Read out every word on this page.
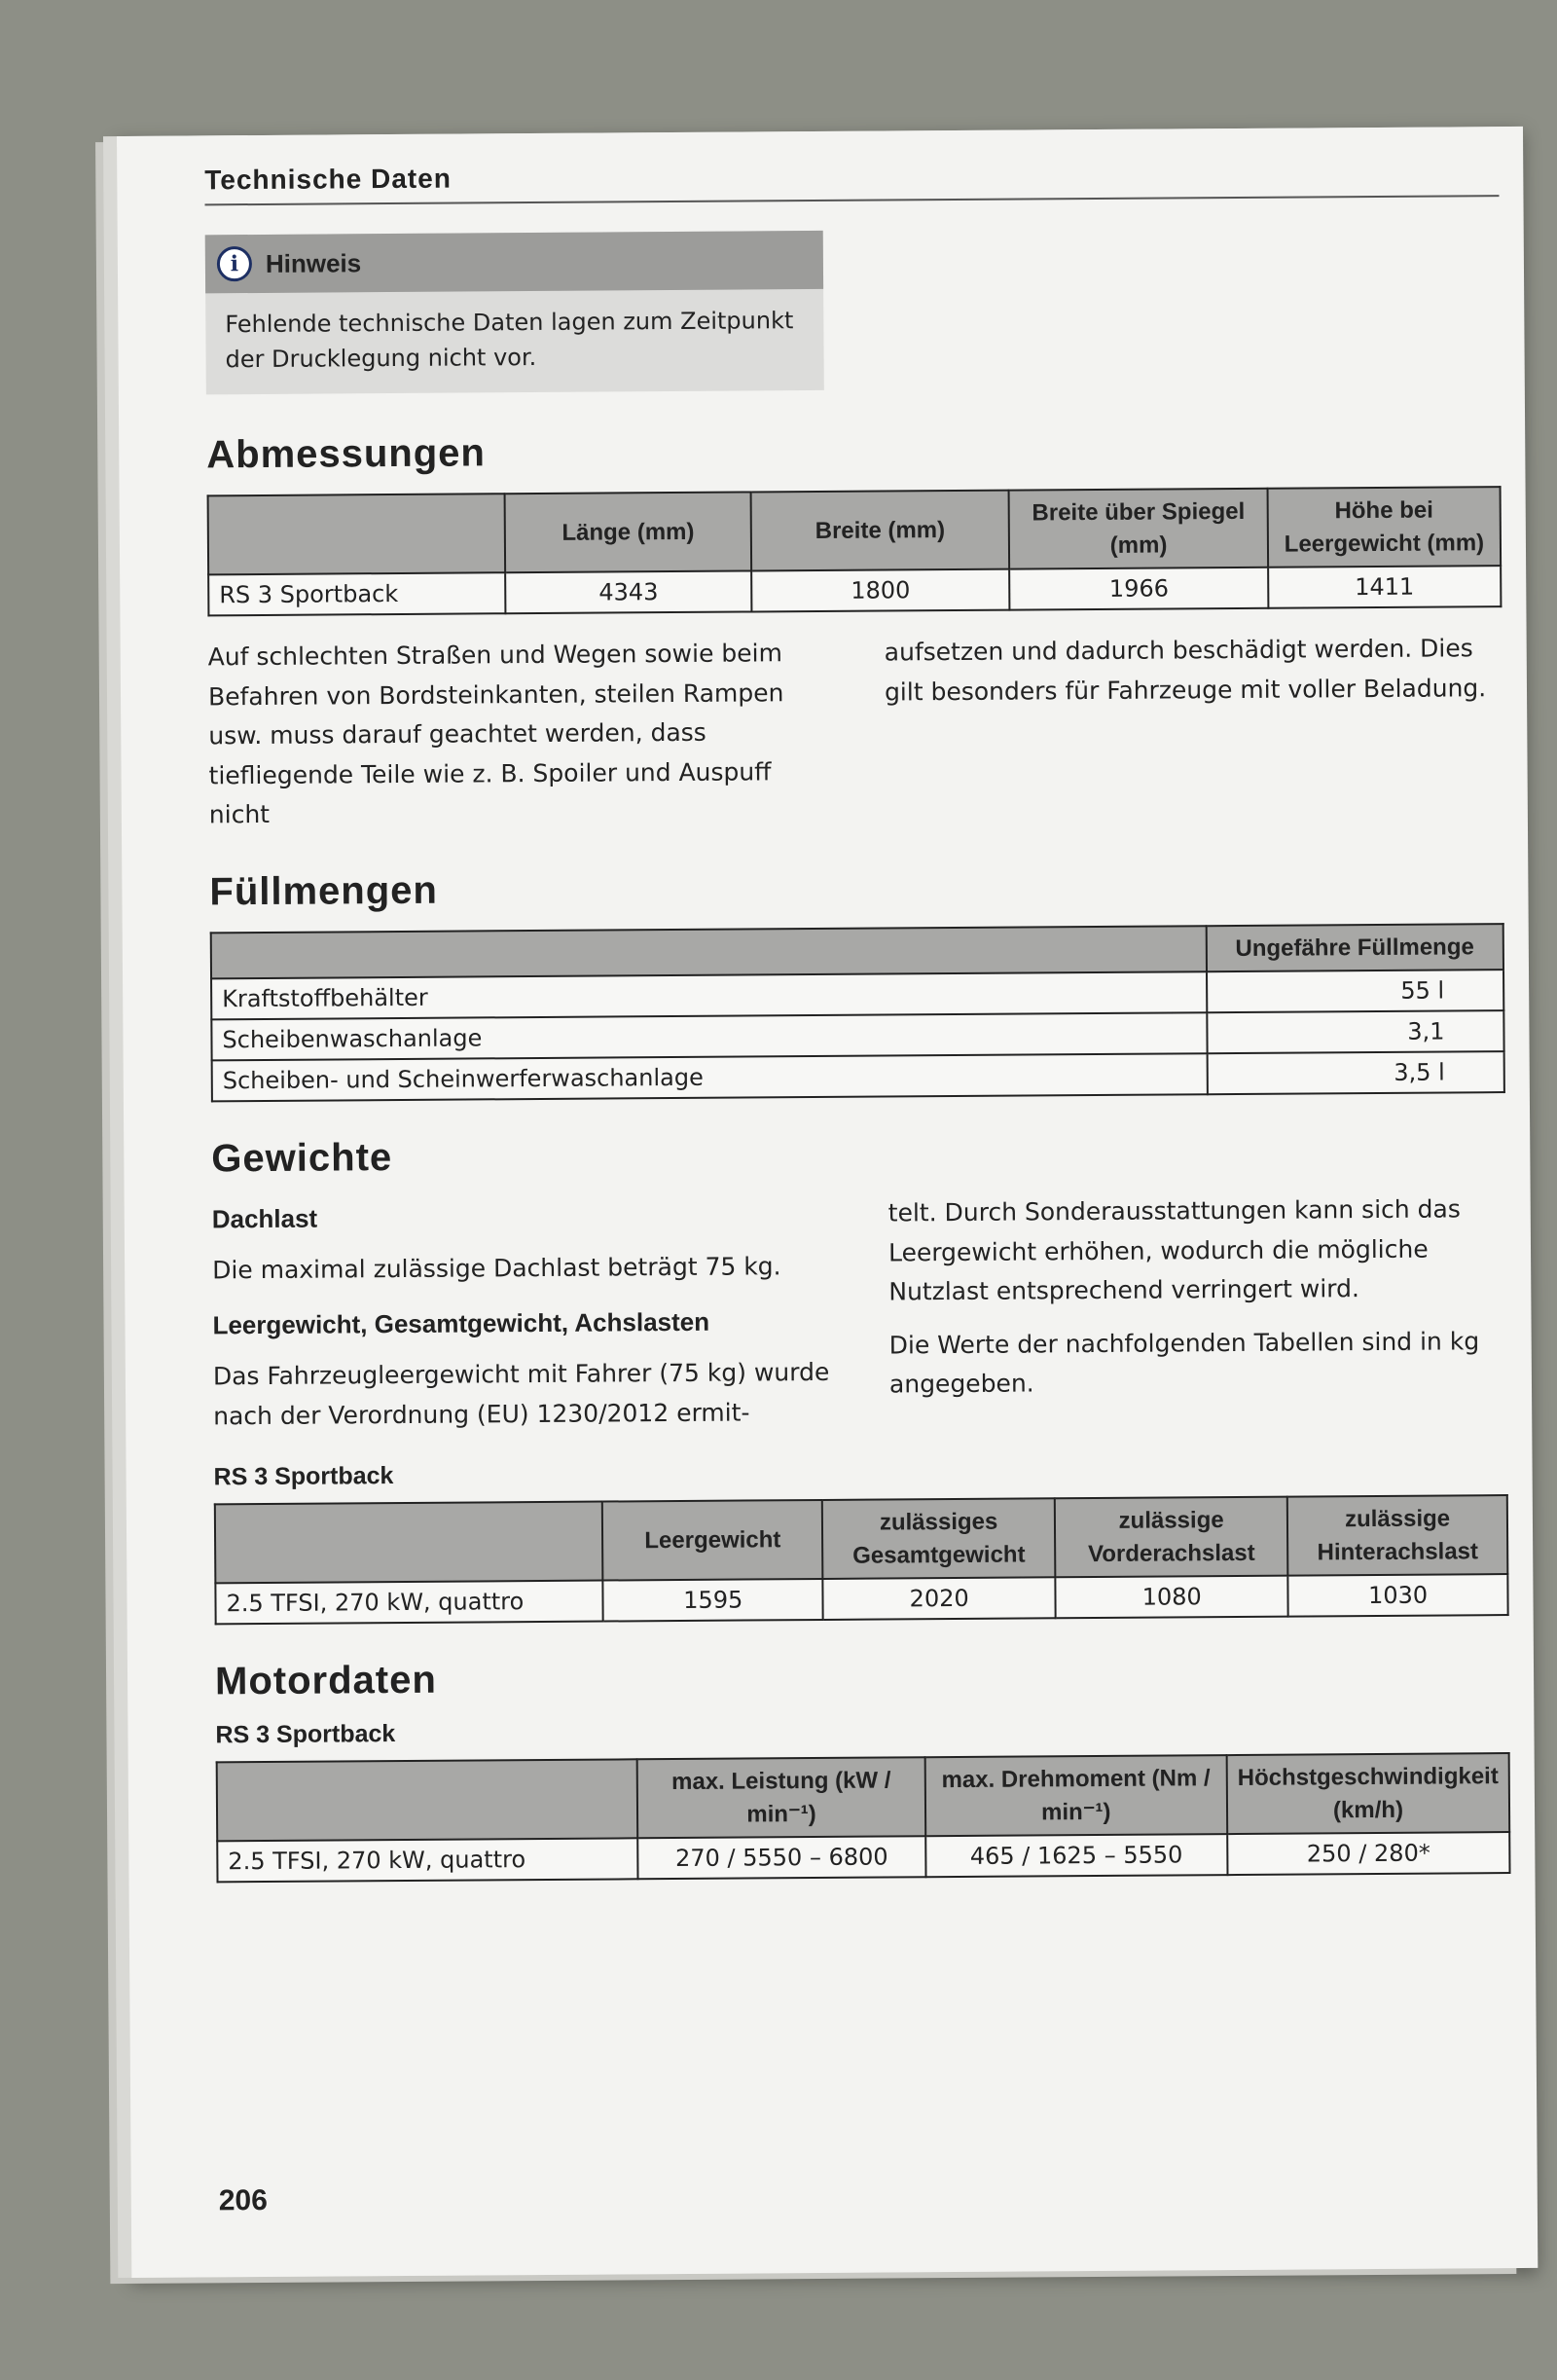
Technische Daten
i	Hinweis
Fehlende technische Daten lagen zum Zeitpunkt der Drucklegung nicht vor.
Abmessungen
	Länge (mm)	Breite (mm)	Breite über Spiegel (mm)	Höhe bei Leergewicht (mm)
RS 3 Sportback	4343	1800	1966	1411
Auf schlechten Straßen und Wegen sowie beim Befahren von Bordsteinkanten, steilen Rampen usw. muss darauf geachtet werden, dass tiefliegende Teile wie z. B. Spoiler und Auspuff nicht
aufsetzen und dadurch beschädigt werden. Dies gilt besonders für Fahrzeuge mit voller Beladung.
Füllmengen
	Ungefähre Füllmenge
Kraftstoffbehälter	55 l
Scheibenwaschanlage	3,1
Scheiben- und Scheinwerferwaschanlage	3,5 l
Gewichte

Dachlast

Die maximal zulässige Dachlast beträgt 75 kg.

Leergewicht, Gesamtgewicht, Achslasten

Das Fahrzeugleergewicht mit Fahrer (75 kg) wurde nach der Verordnung (EU) 1230/2012 ermit-

telt. Durch Sonderausstattungen kann sich das Leergewicht erhöhen, wodurch die mögliche Nutzlast entsprechend verringert wird.

Die Werte der nachfolgenden Tabellen sind in kg angegeben.

RS 3 Sportback
	Leergewicht	zulässiges Gesamtgewicht	zulässige Vorderachslast	zulässige Hinterachslast
2.5 TFSI, 270 kW, quattro	1595	2020	1080	1030
Motordaten
RS 3 Sportback
	max. Leistung (kW / min⁻¹)	max. Drehmoment (Nm / min⁻¹)	Höchstgeschwindigkeit (km/h)
2.5 TFSI, 270 kW, quattro	270 / 5550 – 6800	465 / 1625 – 5550	250 / 280*
206
